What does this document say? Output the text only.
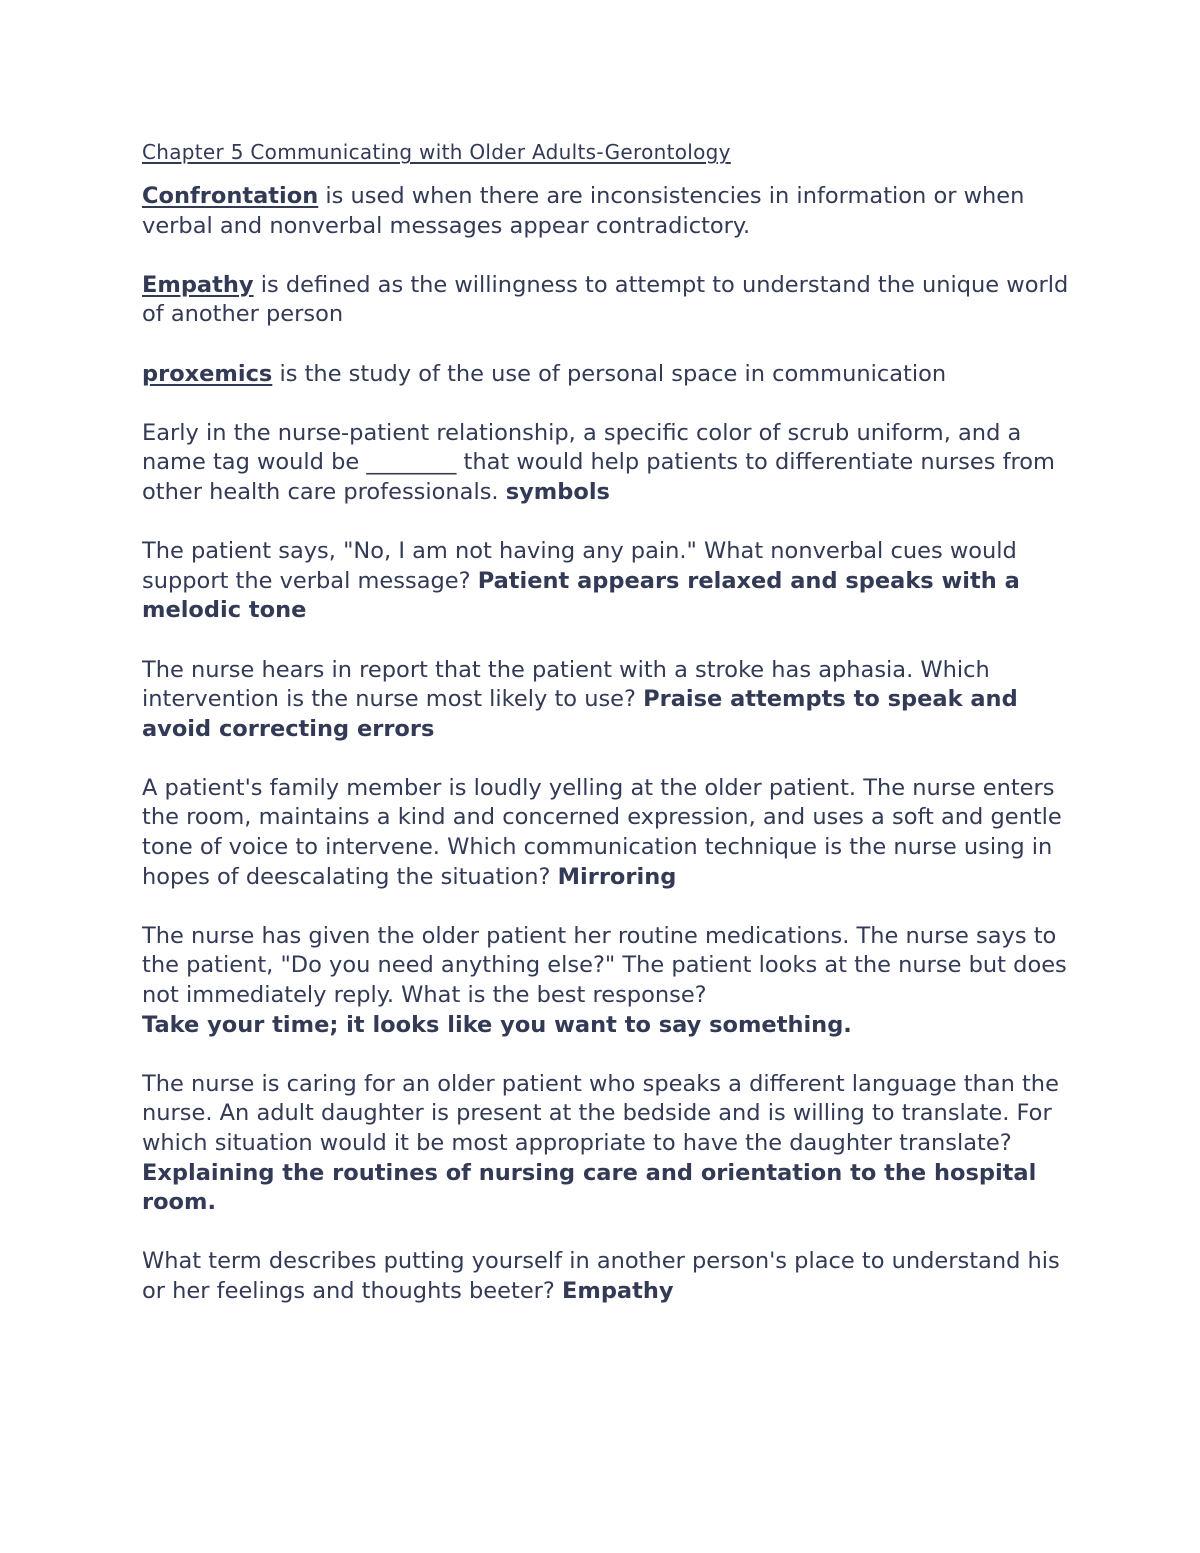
Chapter 5 Communicating with Older Adults-Gerontology

Confrontation is used when there are inconsistencies in information or when verbal and nonverbal messages appear contradictory.

Empathy is defined as the willingness to attempt to understand the unique world of another person

proxemics is the study of the use of personal space in communication

Early in the nurse-patient relationship, a specific color of scrub uniform, and a name tag would be ________ that would help patients to differentiate nurses from other health care professionals. symbols

The patient says, "No, I am not having any pain." What nonverbal cues would support the verbal message? Patient appears relaxed and speaks with a melodic tone

The nurse hears in report that the patient with a stroke has aphasia. Which intervention is the nurse most likely to use? Praise attempts to speak and avoid correcting errors

A patient's family member is loudly yelling at the older patient. The nurse enters the room, maintains a kind and concerned expression, and uses a soft and gentle tone of voice to intervene. Which communication technique is the nurse using in hopes of deescalating the situation? Mirroring

The nurse has given the older patient her routine medications. The nurse says to the patient, "Do you need anything else?" The patient looks at the nurse but does not immediately reply. What is the best response?
Take your time; it looks like you want to say something.

The nurse is caring for an older patient who speaks a different language than the nurse. An adult daughter is present at the bedside and is willing to translate. For which situation would it be most appropriate to have the daughter translate?
Explaining the routines of nursing care and orientation to the hospital room.

What term describes putting yourself in another person's place to understand his or her feelings and thoughts beeter? Empathy
